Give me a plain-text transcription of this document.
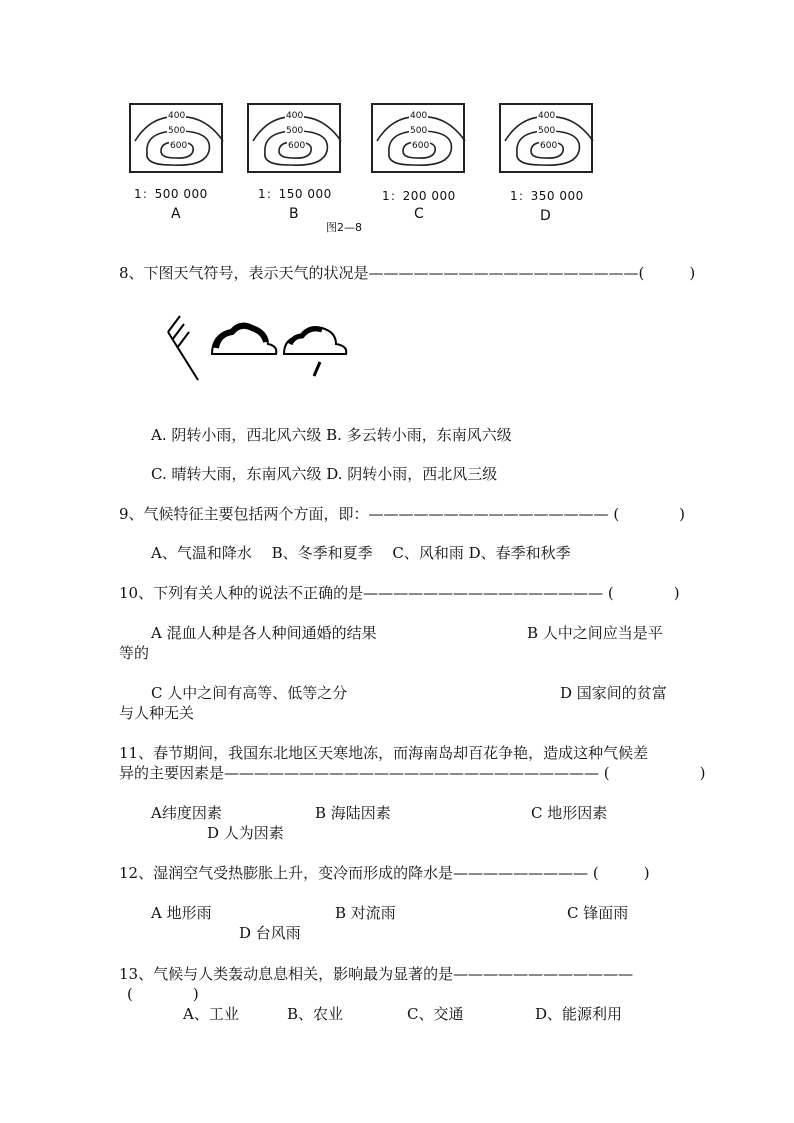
400
500
600
1：500 000
A
400
500
600
1：150 000
B
400
500
600
1：200 000
C
400
500
600
1：350 000
D
图2—8
8、下图天气符号，表示天气的状况是——————————————————(　　　)
A. 阴转小雨，西北风六级 B. 多云转小雨，东南风六级
C. 晴转大雨，东南风六级 D. 阴转小雨，西北风三级
9、气候特征主要包括两个方面，即：———————————————— (　　　　)
A、气温和降水　 B、冬季和夏季　 C、风和雨 D、春季和秋季
10、下列有关人种的说法不正确的是———————————————— (　　　　)
A 混血人种是各人种间通婚的结果	B 人中之间应当是平
等的
C 人中之间有高等、低等之分	D 国家间的贫富
与人种无关
11、春节期间，我国东北地区天寒地冻，而海南岛却百花争艳，造成这种气候差
异的主要因素是————————————————————————— (　　　　　　)
A纬度因素	B 海陆因素	C 地形因素
D 人为因素
12、湿润空气受热膨胀上升，变冷而形成的降水是————————— (　　　)
A 地形雨	B 对流雨	C 锋面雨
D 台风雨
13、气候与人类轰动息息相关，影响最为显著的是————————————
(　　　　)
A、工业	B、农业	C、交通	D、能源利用
